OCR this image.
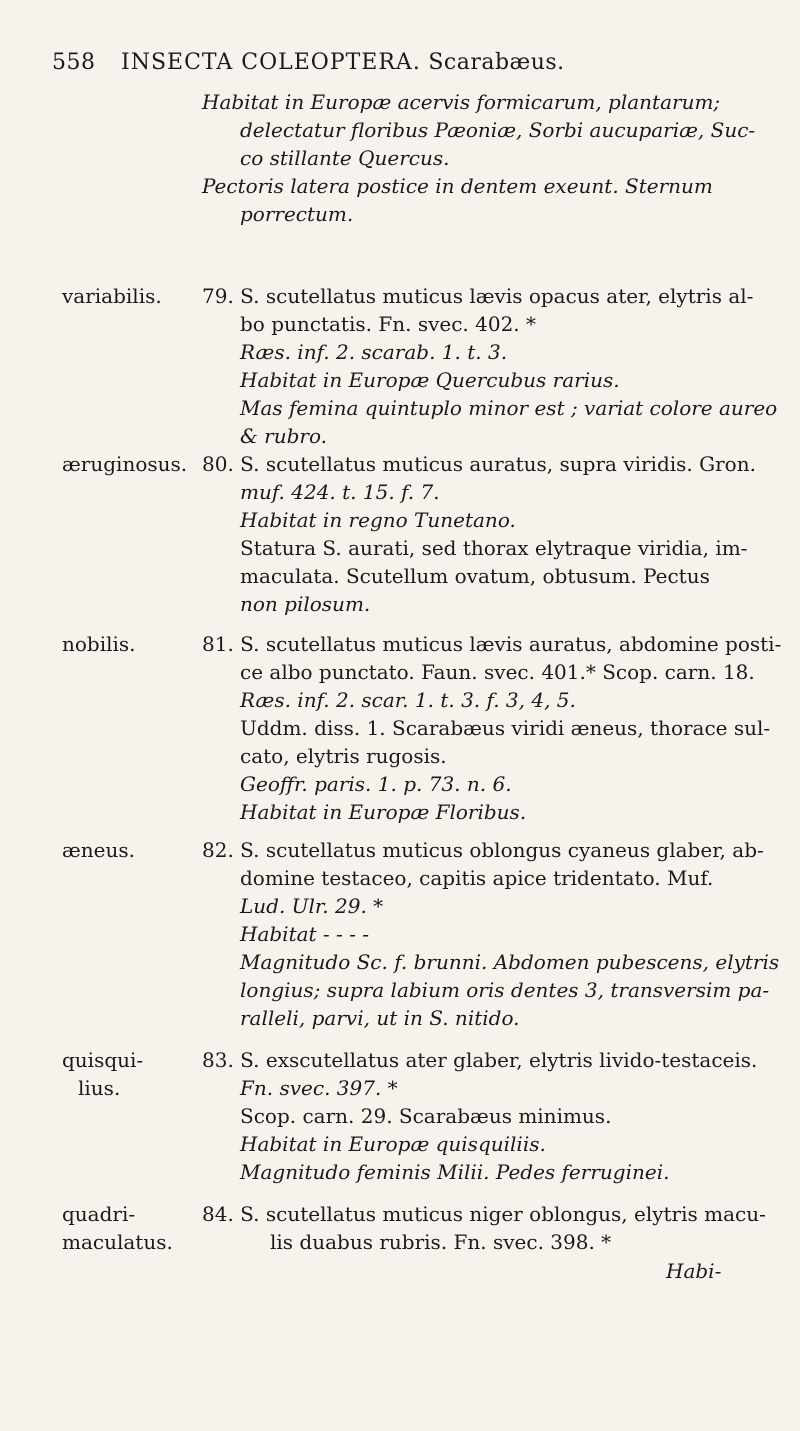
558 INSECTA COLEOPTERA. Scarabæus.
Habitat in Europæ acervis formicarum, plantarum;
delectatur floribus Pæoniæ, Sorbi aucupariæ, Suc-
co stillante Quercus.
Pectoris latera postice in dentem exeunt. Sternum
porrectum.
variabilis. 79. S. scutellatus muticus lævis opacus ater, elytris al-
bo punctatis. Fn. svec. 402. *
Ræs. inf. 2. scarab. 1. t. 3.
Habitat in Europæ Quercubus rarius.
Mas femina quintuplo minor est ; variat colore aureo
& rubro.
æruginosus. 80. S. scutellatus muticus auratus, supra viridis. Gron.
muf. 424. t. 15. f. 7.
Habitat in regno Tunetano.
Statura S. aurati, sed thorax elytraque viridia, im-
maculata. Scutellum ovatum, obtusum. Pectus
non pilosum.
nobilis.	81. S. scutellatus muticus lævis auratus, abdomine posti-
ce albo punctato. Faun. svec. 401.* Scop. carn. 18.
Ræs. inf. 2. scar. 1. t. 3. f. 3, 4, 5.
Uddm. diss. 1. Scarabæus viridi æneus, thorace sul-
cato, elytris rugosis.
Geoffr. paris. 1. p. 73. n. 6.
Habitat in Europæ Floribus.
æneus.	82. S. scutellatus muticus oblongus cyaneus glaber, ab-
domine testaceo, capitis apice tridentato. Muf.
Lud. Ulr. 29. *
Habitat - - - -
Magnitudo Sc. f. brunni. Abdomen pubescens, elytris
longius; supra labium oris dentes 3, transversim pa-
ralleli, parvi, ut in S. nitido.
quisqui-
lius.
83. S. exscutellatus ater glaber, elytris livido-testaceis.
Fn. svec. 397. *
Scop. carn. 29. Scarabæus minimus.
Habitat in Europæ quisquiliis.
Magnitudo feminis Milii. Pedes ferruginei.
quadri-
maculatus.
84. S. scutellatus muticus niger oblongus, elytris macu-
lis duabus rubris. Fn. svec. 398. *
Habi-
